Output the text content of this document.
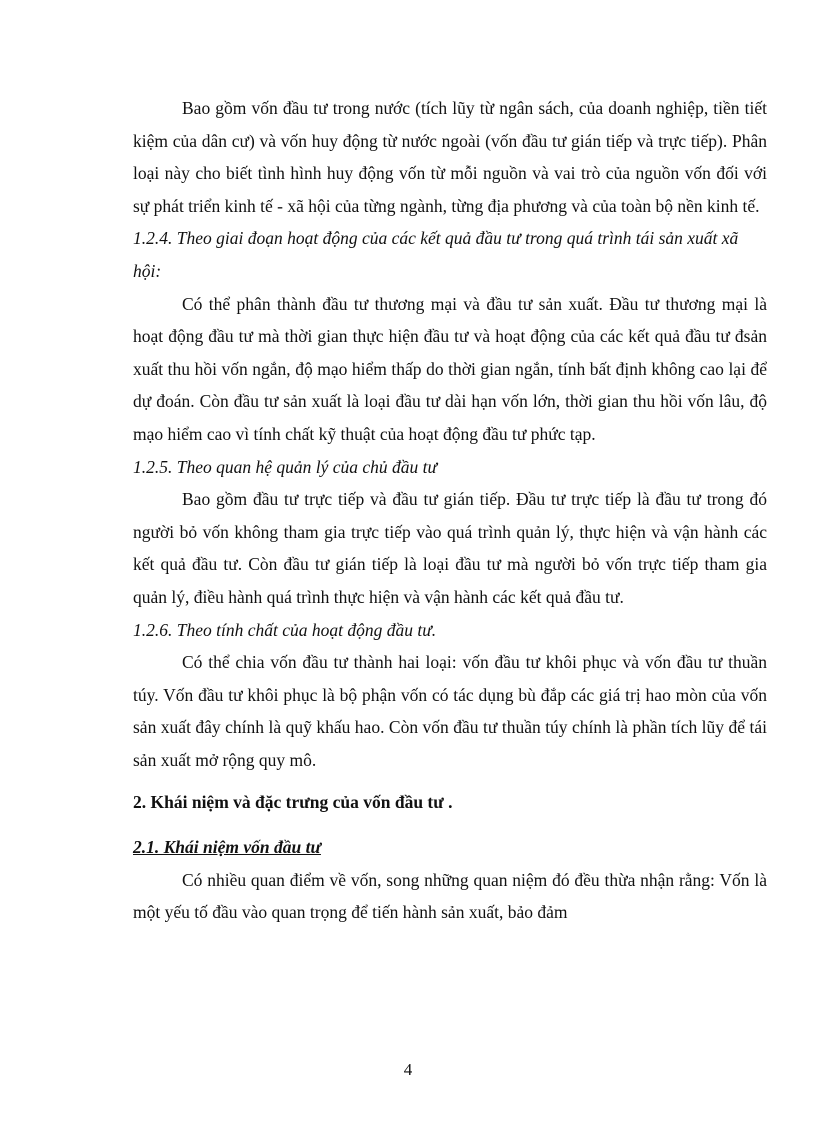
Bao gồm vốn đầu tư trong nước (tích lũy từ ngân sách, của doanh nghiệp, tiền tiết kiệm của dân cư) và vốn huy động từ nước ngoài (vốn đầu tư gián tiếp và trực tiếp). Phân loại này cho biết tình hình huy động vốn từ mỗi nguồn và vai trò của nguồn vốn đối với sự phát triển kinh tế - xã hội của từng ngành, từng địa phương và của toàn bộ nền kinh tế.

1.2.4. Theo giai đoạn hoạt động của các kết quả đầu tư trong quá trình tái sản xuất xã hội:

Có thể phân thành đầu tư thương mại và đầu tư sản xuất. Đầu tư thương mại là hoạt động đầu tư mà thời gian thực hiện đầu tư và hoạt động của các kết quả đầu tư đsản xuất thu hồi vốn ngắn, độ mạo hiểm thấp do thời gian ngắn, tính bất định không cao lại để dự đoán. Còn đầu tư sản xuất là loại đầu tư dài hạn vốn lớn, thời gian thu hồi vốn lâu, độ mạo hiểm cao vì tính chất kỹ thuật của hoạt động đầu tư phức tạp.

1.2.5. Theo quan hệ quản lý của chủ đầu tư

Bao gồm đầu tư trực tiếp và đầu tư gián tiếp. Đầu tư trực tiếp là đầu tư trong đó người bỏ vốn không tham gia trực tiếp vào quá trình quản lý, thực hiện và vận hành các kết quả đầu tư. Còn đầu tư gián tiếp là loại đầu tư mà người bỏ vốn trực tiếp tham gia quản lý, điều hành quá trình thực hiện và vận hành các kết quả đầu tư.

1.2.6. Theo tính chất của hoạt động đầu tư.

Có thể chia vốn đầu tư thành hai loại: vốn đầu tư khôi phục và vốn đầu tư thuần túy. Vốn đầu tư khôi phục là bộ phận vốn có tác dụng bù đắp các giá trị hao mòn của vốn sản xuất đây chính là quỹ khấu hao. Còn vốn đầu tư thuần túy chính là phần tích lũy để tái sản xuất mở rộng quy mô.

2. Khái niệm và đặc trưng của vốn đầu tư .

2.1. Khái niệm vốn đầu tư

Có nhiều quan điểm về vốn, song những quan niệm đó đều thừa nhận rằng: Vốn là một yếu tố đầu vào quan trọng để tiến hành sản xuất, bảo đảm

4
